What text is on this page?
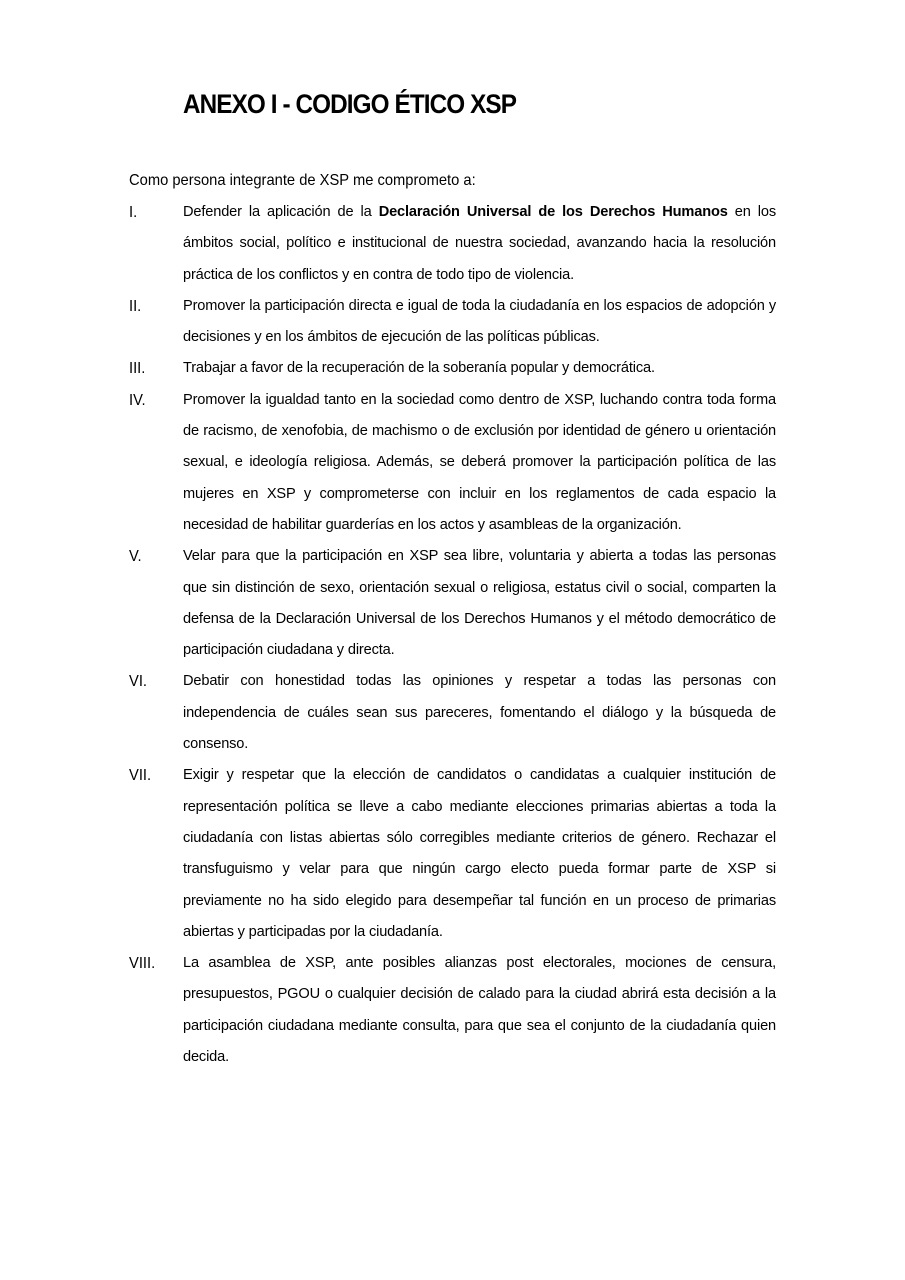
ANEXO I - CODIGO ÉTICO XSP

Como persona integrante de XSP me comprometo a:

I.	Defender la aplicación de la Declaración Universal de los Derechos Humanos en los ámbitos social, político e institucional de nuestra sociedad, avanzando hacia la resolución práctica de los conflictos y en contra de todo tipo de violencia.
II.	Promover la participación directa e igual de toda la ciudadanía en los espacios de adopción y decisiones y en los ámbitos de ejecución de las políticas públicas.
III.	Trabajar a favor de la recuperación de la soberanía popular y democrática.
IV.	Promover la igualdad tanto en la sociedad como dentro de XSP, luchando contra toda forma de racismo, de xenofobia, de machismo o de exclusión por identidad de género u orientación sexual, e ideología religiosa. Además, se deberá promover la participación política de las mujeres en XSP y comprometerse con incluir en los reglamentos de cada espacio la necesidad de habilitar guarderías en los actos y asambleas de la organización.
V.	Velar para que la participación en XSP sea libre, voluntaria y abierta a todas las personas que sin distinción de sexo, orientación sexual o religiosa, estatus civil o social, comparten la defensa de la Declaración Universal de los Derechos Humanos y el método democrático de participación ciudadana y directa.
VI. Debatir con honestidad todas las opiniones y respetar a todas las personas con independencia de cuáles sean sus pareceres, fomentando el diálogo y la búsqueda de consenso.
VII. Exigir y respetar que la elección de candidatos o candidatas a cualquier institución de representación política se lleve a cabo mediante elecciones primarias abiertas a toda la ciudadanía con listas abiertas sólo corregibles mediante criterios de género. Rechazar el transfuguismo y velar para que ningún cargo electo pueda formar parte de XSP si previamente no ha sido elegido para desempeñar tal función en un proceso de primarias abiertas y participadas por la ciudadanía.
VIII. La asamblea de XSP, ante posibles alianzas post electorales, mociones de censura, presupuestos, PGOU o cualquier decisión de calado para la ciudad abrirá esta decisión a la participación ciudadana mediante consulta, para que sea el conjunto de la ciudadanía quien decida.
